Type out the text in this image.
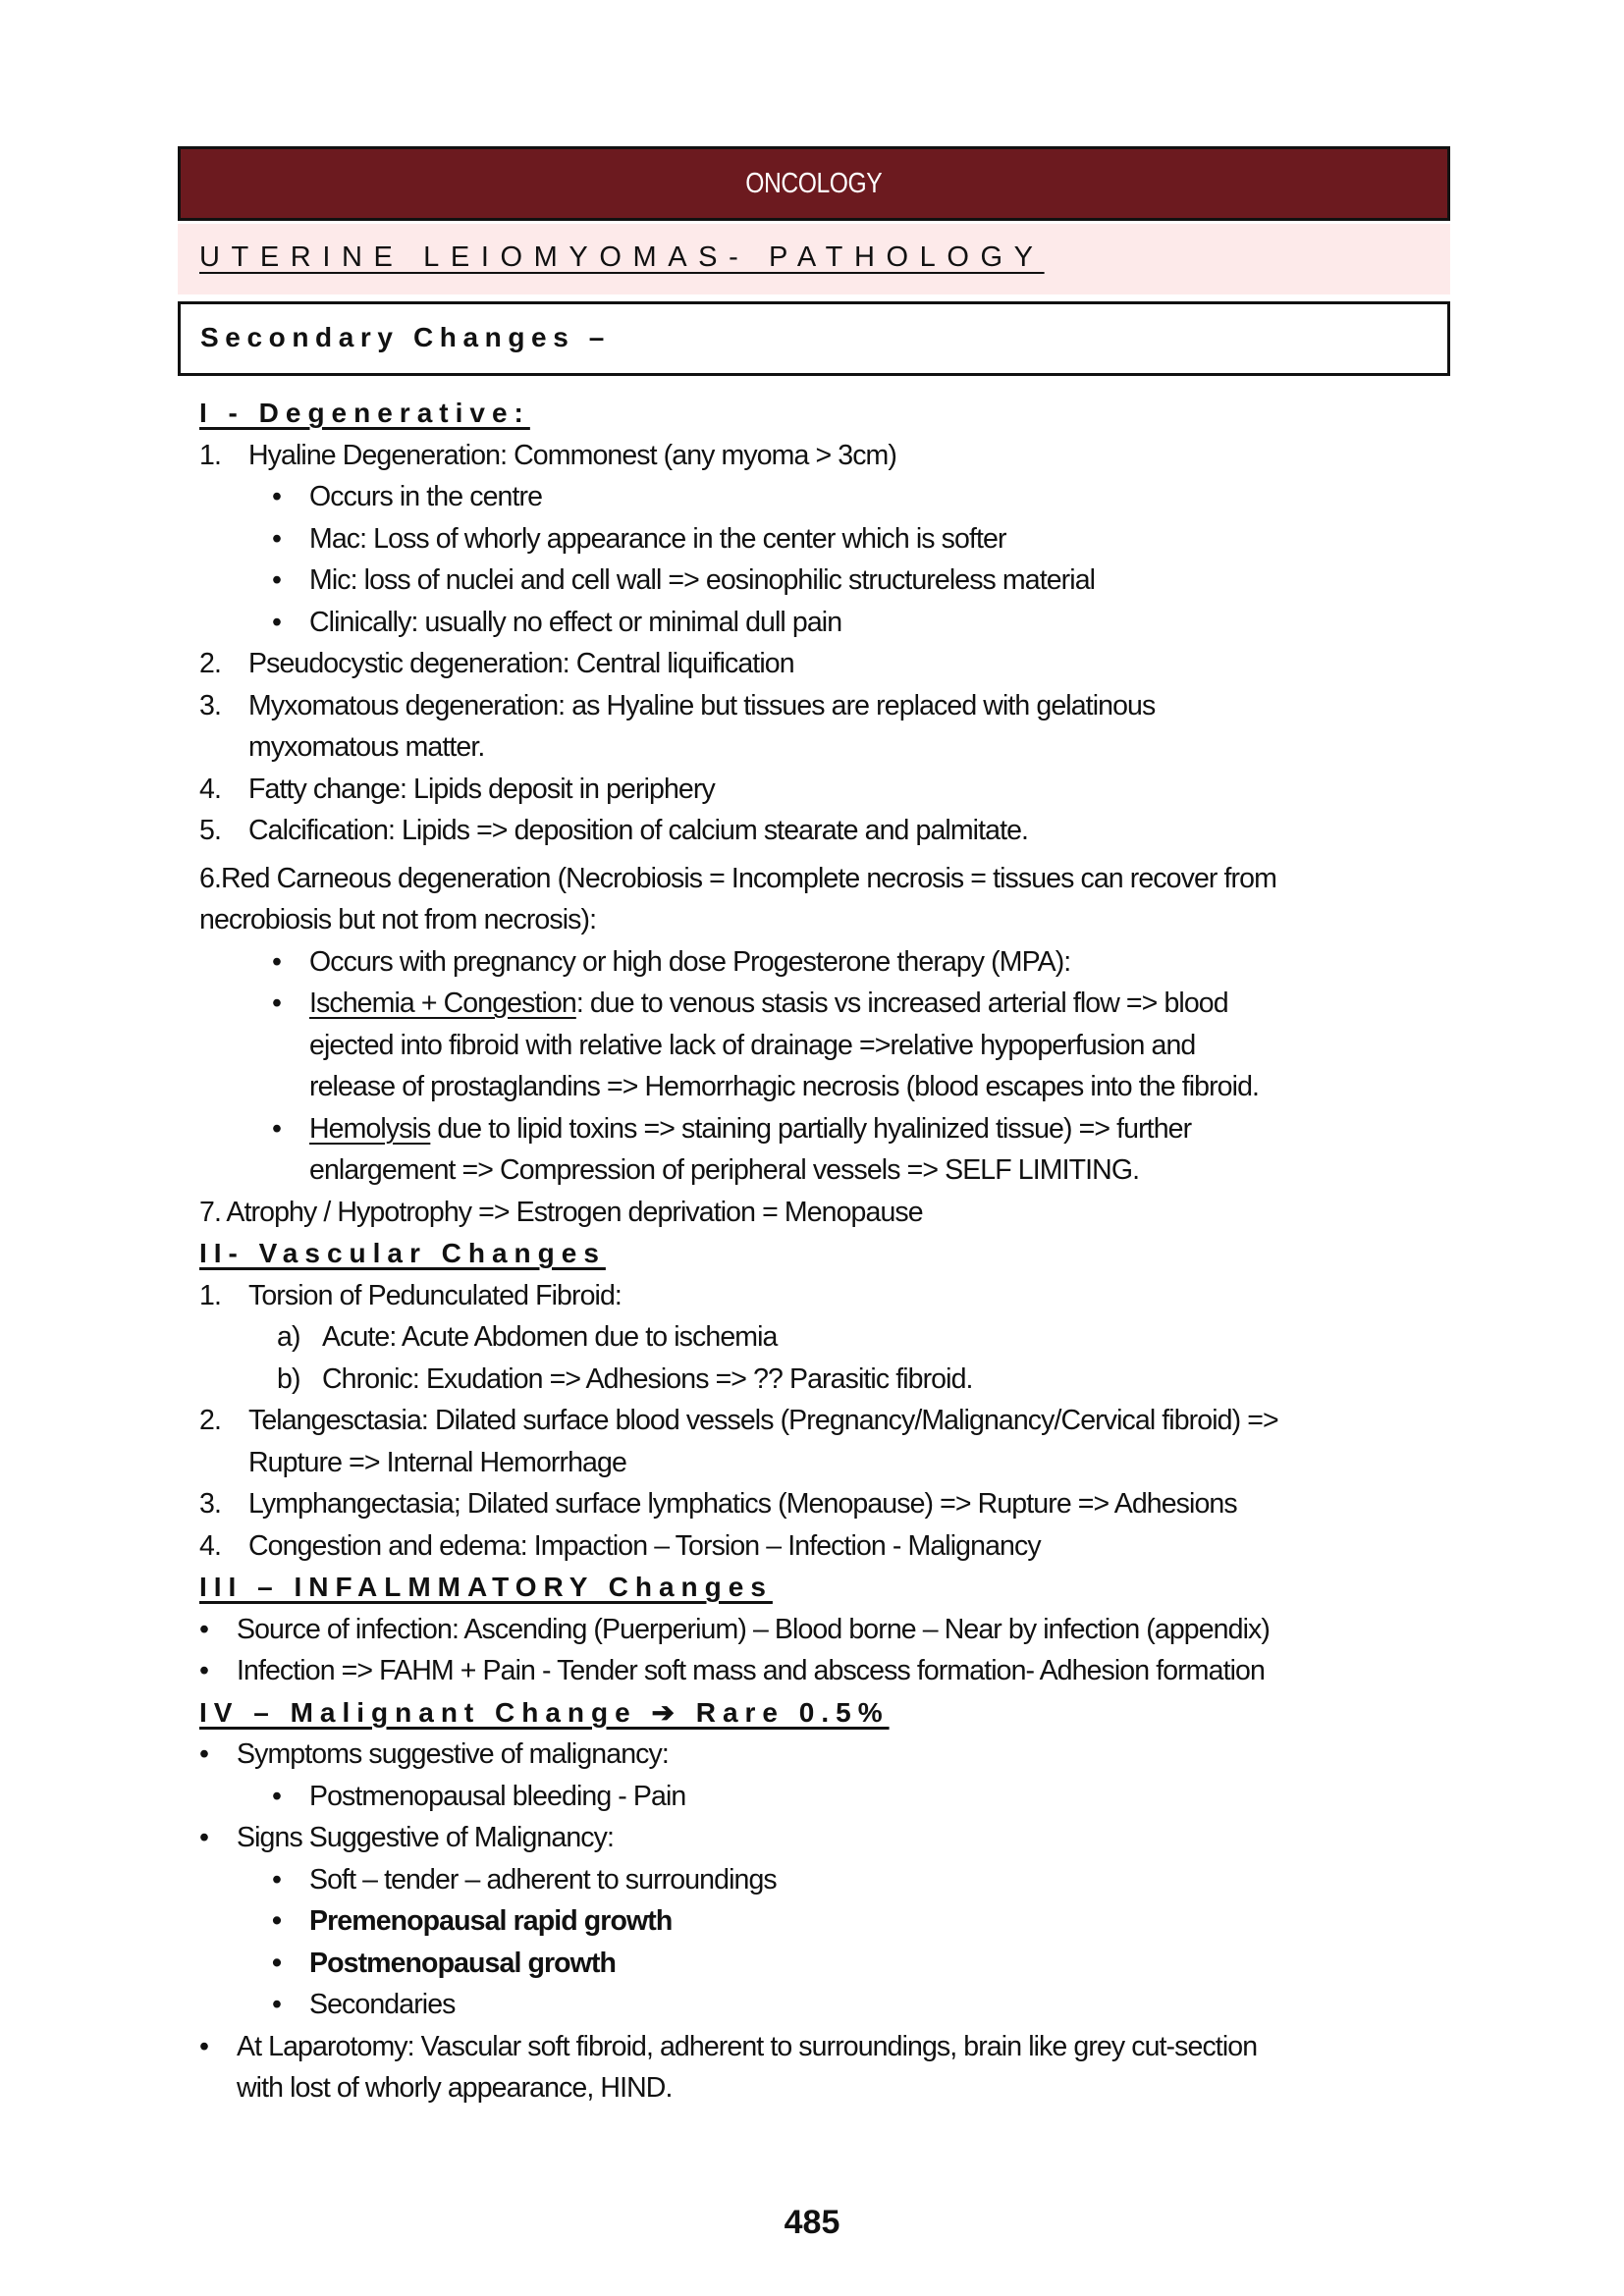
ONCOLOGY
UTERINE LEIOMYOMAS- PATHOLOGY
Secondary Changes –
I - Degenerative:
1. Hyaline Degeneration: Commonest (any myoma > 3cm)
• Occurs in the centre
• Mac: Loss of whorly appearance in the center which is softer
• Mic: loss of nuclei and cell wall => eosinophilic structureless material
• Clinically: usually no effect or minimal dull pain
2. Pseudocystic degeneration: Central liquification
3. Myxomatous degeneration: as Hyaline but tissues are replaced with gelatinous
myxomatous matter.
4. Fatty change: Lipids deposit in periphery
5. Calcification: Lipids => deposition of calcium stearate and palmitate.
6.Red Carneous degeneration (Necrobiosis = Incomplete necrosis = tissues can recover from
necrobiosis but not from necrosis):
• Occurs with pregnancy or high dose Progesterone therapy (MPA):
• Ischemia + Congestion: due to venous stasis vs increased arterial flow => blood
ejected into fibroid with relative lack of drainage =>relative hypoperfusion and
release of prostaglandins => Hemorrhagic necrosis (blood escapes into the fibroid.
• Hemolysis due to lipid toxins => staining partially hyalinized tissue) => further
enlargement => Compression of peripheral vessels => SELF LIMITING.
7. Atrophy / Hypotrophy => Estrogen deprivation = Menopause
II- Vascular Changes
1. Torsion of Pedunculated Fibroid:
a) Acute: Acute Abdomen due to ischemia
b) Chronic: Exudation => Adhesions => ?? Parasitic fibroid.
2. Telangesctasia: Dilated surface blood vessels (Pregnancy/Malignancy/Cervical fibroid) =>
Rupture => Internal Hemorrhage
3. Lymphangectasia; Dilated surface lymphatics (Menopause) => Rupture => Adhesions
4. Congestion and edema: Impaction – Torsion – Infection - Malignancy
III – INFALMMATORY Changes
• Source of infection: Ascending (Puerperium) – Blood borne – Near by infection (appendix)
• Infection => FAHM + Pain - Tender soft mass and abscess formation- Adhesion formation
IV – Malignant Change ➔ Rare 0.5%
• Symptoms suggestive of malignancy:
• Postmenopausal bleeding - Pain
• Signs Suggestive of Malignancy:
• Soft – tender – adherent to surroundings
• Premenopausal rapid growth
• Postmenopausal growth
• Secondaries
• At Laparotomy: Vascular soft fibroid, adherent to surroundings, brain like grey cut-section
with lost of whorly appearance, HIND.
485
